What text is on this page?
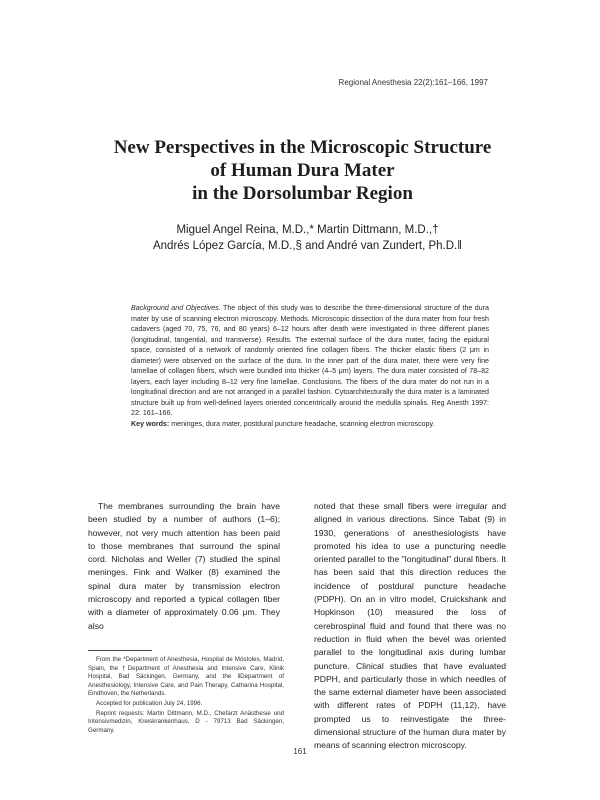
Regional Anesthesia 22(2):161–166, 1997
New Perspectives in the Microscopic Structure
of Human Dura Mater
in the Dorsolumbar Region
Miguel Angel Reina, M.D.,* Martin Dittmann, M.D.,†
Andrés López García, M.D.,§ and André van Zundert, Ph.D.‖
Background and Objectives. The object of this study was to describe the three-dimensional structure of the dura mater by use of scanning electron microscopy. Methods. Microscopic dissection of the dura mater from four fresh cadavers (aged 70, 75, 76, and 80 years) 6–12 hours after death were investigated in three different planes (longitudinal, tangential, and transverse). Results. The external surface of the dura mater, facing the epidural space, consisted of a network of randomly oriented fine collagen fibers. The thicker elastic fibers (2 μm in diameter) were observed on the surface of the dura. In the inner part of the dura mater, there were very fine lamellae of collagen fibers, which were bundled into thicker (4–5 μm) layers. The dura mater consisted of 78–82 layers, each layer including 8–12 very fine lamellae. Conclusions. The fibers of the dura mater do not run in a longitudinal direction and are not arranged in a parallel fashion. Cytoarchitecturally the dura mater is a laminated structure built up from well-defined layers oriented concentrically around the medulla spinalis. Reg Anesth 1997: 22: 161–166.
Key words: meninges, dura mater, postdural puncture headache, scanning electron microscopy.
The membranes surrounding the brain have been studied by a number of authors (1–6); however, not very much attention has been paid to those membranes that surround the spinal cord. Nicholas and Weller (7) studied the spinal meninges. Fink and Walker (8) examined the spinal dura mater by transmission electron microscopy and reported a typical collagen fiber with a diameter of approximately 0.06 μm. They also
noted that these small fibers were irregular and aligned in various directions. Since Tabat (9) in 1930, generations of anesthesiologists have promoted his idea to use a puncturing needle oriented parallel to the "longitudinal" dural fibers. It has been said that this direction reduces the incidence of postdural puncture headache (PDPH). On an in vitro model, Cruickshank and Hopkinson (10) measured the loss of cerebrospinal fluid and found that there was no reduction in fluid when the bevel was oriented parallel to the longitudinal axis during lumbar puncture. Clinical studies that have evaluated PDPH, and particularly those in which needles of the same external diameter have been associated with different rates of PDPH (11,12), have prompted us to reinvestigate the three-dimensional structure of the human dura mater by means of scanning electron microscopy.

From the *Department of Anesthesia, Hospital de Móstoles, Madrid, Spain, the †Department of Anesthesia and Intensive Care, Klinik Hospital, Bad Säckingen, Germany, and the ‖Department of Anesthesiology, Intensive Care, and Pain Therapy, Catharina Hospital, Eindhoven, the Netherlands.

Accepted for publication July 24, 1996.

Reprint requests: Martin Dittmann, M.D., Chefarzt Anästhesie und Intensivmedizin, Kreiskrankenhaus, D - 79713 Bad Säckingen, Germany.

161
